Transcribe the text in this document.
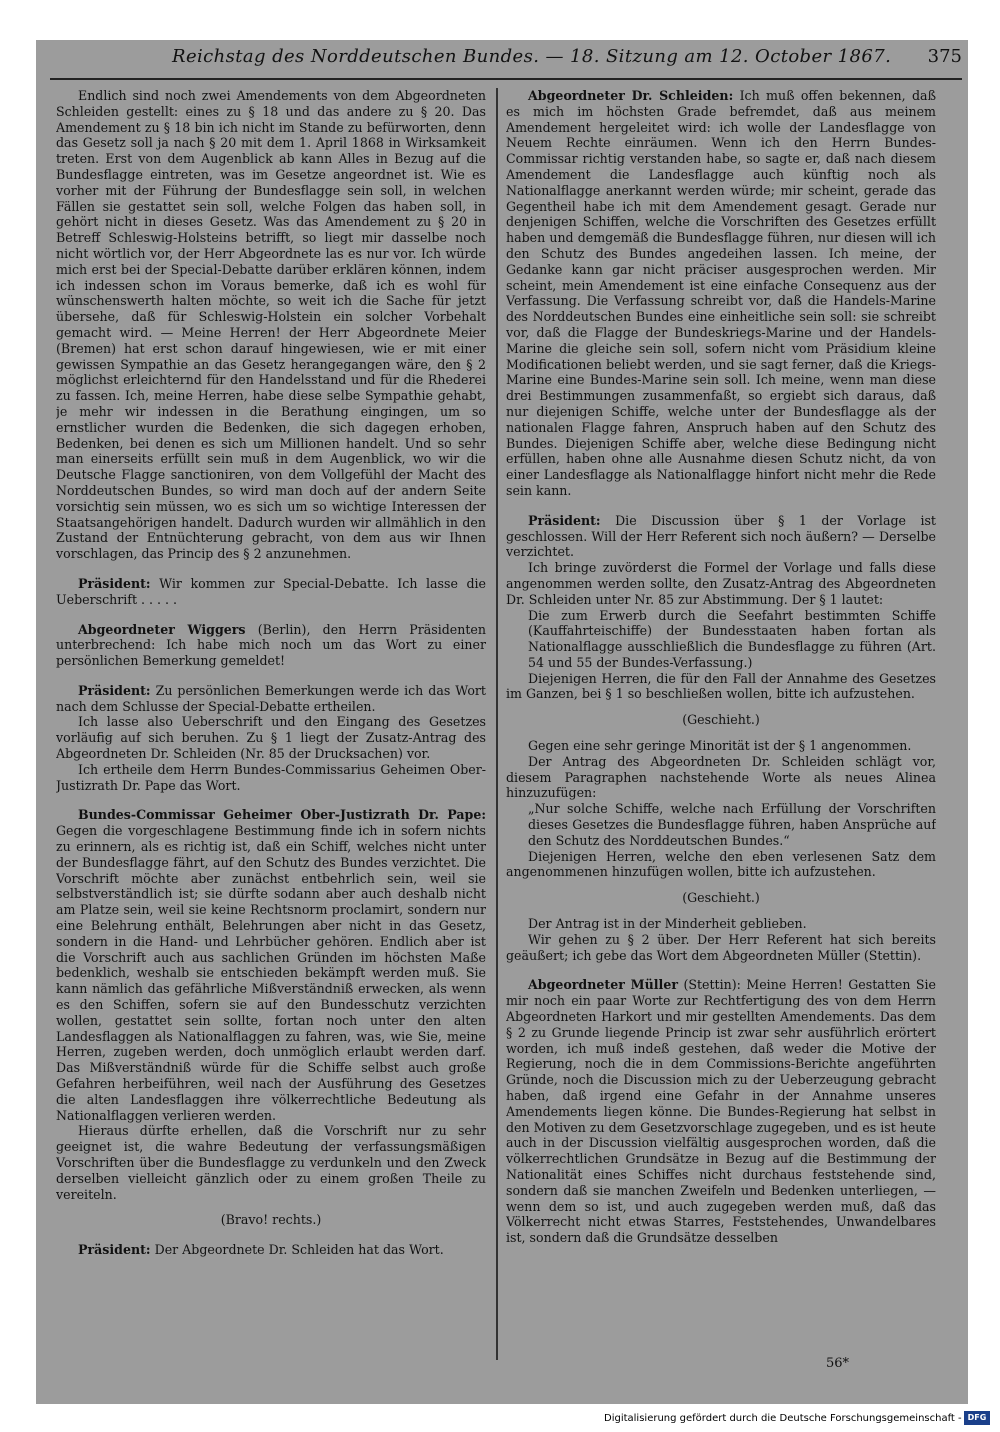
Reichstag des Norddeutschen Bundes. — 18. Sitzung am 12. October 1867. 375

Endlich sind noch zwei Amendements von dem Abgeordneten Schleiden gestellt: eines zu § 18 und das andere zu § 20. Das Amendement zu § 18 bin ich nicht im Stande zu befürworten, denn das Gesetz soll ja nach § 20 mit dem 1. April 1868 in Wirksamkeit treten. Erst von dem Augenblick ab kann Alles in Bezug auf die Bundesflagge eintreten, was im Gesetze angeordnet ist. Wie es vorher mit der Führung der Bundesflagge sein soll, in welchen Fällen sie gestattet sein soll, welche Folgen das haben soll, in gehört nicht in dieses Gesetz. Was das Amendement zu § 20 in Betreff Schleswig-Holsteins betrifft, so liegt mir dasselbe noch nicht wörtlich vor, der Herr Abgeordnete las es nur vor. Ich würde mich erst bei der Special-Debatte darüber erklären können, indem ich indessen schon im Voraus bemerke, daß ich es wohl für wünschenswerth halten möchte, so weit ich die Sache für jetzt übersehe, daß für Schleswig-Holstein ein solcher Vorbehalt gemacht wird. — Meine Herren! der Herr Abgeordnete Meier (Bremen) hat erst schon darauf hingewiesen, wie er mit einer gewissen Sympathie an das Gesetz herangegangen wäre, den § 2 möglichst erleichternd für den Handelsstand und für die Rhederei zu fassen. Ich, meine Herren, habe diese selbe Sympathie gehabt, je mehr wir indessen in die Berathung eingingen, um so ernstlicher wurden die Bedenken, die sich dagegen erhoben, Bedenken, bei denen es sich um Millionen handelt. Und so sehr man einerseits erfüllt sein muß in dem Augenblick, wo wir die Deutsche Flagge sanctioniren, von dem Vollgefühl der Macht des Norddeutschen Bundes, so wird man doch auf der andern Seite vorsichtig sein müssen, wo es sich um so wichtige Interessen der Staatsangehörigen handelt. Dadurch wurden wir allmählich in den Zustand der Entnüchterung gebracht, von dem aus wir Ihnen vorschlagen, das Princip des § 2 anzunehmen.

Präsident: Wir kommen zur Special-Debatte. Ich lasse die Ueberschrift . . . . .

Abgeordneter Wiggers (Berlin), den Herrn Präsidenten unterbrechend: Ich habe mich noch um das Wort zu einer persönlichen Bemerkung gemeldet!

Präsident: Zu persönlichen Bemerkungen werde ich das Wort nach dem Schlusse der Special-Debatte ertheilen.

Ich lasse also Ueberschrift und den Eingang des Gesetzes vorläufig auf sich beruhen. Zu § 1 liegt der Zusatz-Antrag des Abgeordneten Dr. Schleiden (Nr. 85 der Drucksachen) vor.

Ich ertheile dem Herrn Bundes-Commissarius Geheimen Ober-Justizrath Dr. Pape das Wort.

Bundes-Commissar Geheimer Ober-Justizrath Dr. Pape: Gegen die vorgeschlagene Bestimmung finde ich in sofern nichts zu erinnern, als es richtig ist, daß ein Schiff, welches nicht unter der Bundesflagge fährt, auf den Schutz des Bundes verzichtet. Die Vorschrift möchte aber zunächst entbehrlich sein, weil sie selbstverständlich ist; sie dürfte sodann aber auch deshalb nicht am Platze sein, weil sie keine Rechtsnorm proclamirt, sondern nur eine Belehrung enthält, Belehrungen aber nicht in das Gesetz, sondern in die Hand- und Lehrbücher gehören. Endlich aber ist die Vorschrift auch aus sachlichen Gründen im höchsten Maße bedenklich, weshalb sie entschieden bekämpft werden muß. Sie kann nämlich das gefährliche Mißverständniß erwecken, als wenn es den Schiffen, sofern sie auf den Bundesschutz verzichten wollen, gestattet sein sollte, fortan noch unter den alten Landesflaggen als Nationalflaggen zu fahren, was, wie Sie, meine Herren, zugeben werden, doch unmöglich erlaubt werden darf. Das Mißverständniß würde für die Schiffe selbst auch große Gefahren herbeiführen, weil nach der Ausführung des Gesetzes die alten Landesflaggen ihre völkerrechtliche Bedeutung als Nationalflaggen verlieren werden.

Hieraus dürfte erhellen, daß die Vorschrift nur zu sehr geeignet ist, die wahre Bedeutung der verfassungsmäßigen Vorschriften über die Bundesflagge zu verdunkeln und den Zweck derselben vielleicht gänzlich oder zu einem großen Theile zu vereiteln.

(Bravo! rechts.)

Präsident: Der Abgeordnete Dr. Schleiden hat das Wort.

Abgeordneter Dr. Schleiden: Ich muß offen bekennen, daß es mich im höchsten Grade befremdet, daß aus meinem Amendement hergeleitet wird: ich wolle der Landesflagge von Neuem Rechte einräumen. Wenn ich den Herrn Bundes-Commissar richtig verstanden habe, so sagte er, daß nach diesem Amendement die Landesflagge auch künftig noch als Nationalflagge anerkannt werden würde; mir scheint, gerade das Gegentheil habe ich mit dem Amendement gesagt. Gerade nur denjenigen Schiffen, welche die Vorschriften des Gesetzes erfüllt haben und demgemäß die Bundesflagge führen, nur diesen will ich den Schutz des Bundes angedeihen lassen. Ich meine, der Gedanke kann gar nicht präciser ausgesprochen werden. Mir scheint, mein Amendement ist eine einfache Consequenz aus der Verfassung. Die Verfassung schreibt vor, daß die Handels-Marine des Norddeutschen Bundes eine einheitliche sein soll: sie schreibt vor, daß die Flagge der Bundeskriegs-Marine und der Handels-Marine die gleiche sein soll, sofern nicht vom Präsidium kleine Modificationen beliebt werden, und sie sagt ferner, daß die Kriegs-Marine eine Bundes-Marine sein soll. Ich meine, wenn man diese drei Bestimmungen zusammenfaßt, so ergiebt sich daraus, daß nur diejenigen Schiffe, welche unter der Bundesflagge als der nationalen Flagge fahren, Anspruch haben auf den Schutz des Bundes. Diejenigen Schiffe aber, welche diese Bedingung nicht erfüllen, haben ohne alle Ausnahme diesen Schutz nicht, da von einer Landesflagge als Nationalflagge hinfort nicht mehr die Rede sein kann.

Präsident: Die Discussion über § 1 der Vorlage ist geschlossen. Will der Herr Referent sich noch äußern? — Derselbe verzichtet.

Ich bringe zuvörderst die Formel der Vorlage und falls diese angenommen werden sollte, den Zusatz-Antrag des Abgeordneten Dr. Schleiden unter Nr. 85 zur Abstimmung. Der § 1 lautet:

Die zum Erwerb durch die Seefahrt bestimmten Schiffe (Kauffahrteischiffe) der Bundesstaaten haben fortan als Nationalflagge ausschließlich die Bundesflagge zu führen (Art. 54 und 55 der Bundes-Verfassung.)

Diejenigen Herren, die für den Fall der Annahme des Gesetzes im Ganzen, bei § 1 so beschließen wollen, bitte ich aufzustehen.

(Geschieht.)

Gegen eine sehr geringe Minorität ist der § 1 angenommen.

Der Antrag des Abgeordneten Dr. Schleiden schlägt vor, diesem Paragraphen nachstehende Worte als neues Alinea hinzuzufügen:

„Nur solche Schiffe, welche nach Erfüllung der Vorschriften dieses Gesetzes die Bundesflagge führen, haben Ansprüche auf den Schutz des Norddeutschen Bundes.“

Diejenigen Herren, welche den eben verlesenen Satz dem angenommenen hinzufügen wollen, bitte ich aufzustehen.

(Geschieht.)

Der Antrag ist in der Minderheit geblieben.

Wir gehen zu § 2 über. Der Herr Referent hat sich bereits geäußert; ich gebe das Wort dem Abgeordneten Müller (Stettin).

Abgeordneter Müller (Stettin): Meine Herren! Gestatten Sie mir noch ein paar Worte zur Rechtfertigung des von dem Herrn Abgeordneten Harkort und mir gestellten Amendements. Das dem § 2 zu Grunde liegende Princip ist zwar sehr ausführlich erörtert worden, ich muß indeß gestehen, daß weder die Motive der Regierung, noch die in dem Commissions-Berichte angeführten Gründe, noch die Discussion mich zu der Ueberzeugung gebracht haben, daß irgend eine Gefahr in der Annahme unseres Amendements liegen könne. Die Bundes-Regierung hat selbst in den Motiven zu dem Gesetzvorschlage zugegeben, und es ist heute auch in der Discussion vielfältig ausgesprochen worden, daß die völkerrechtlichen Grundsätze in Bezug auf die Bestimmung der Nationalität eines Schiffes nicht durchaus feststehende sind, sondern daß sie manchen Zweifeln und Bedenken unterliegen, — wenn dem so ist, und auch zugegeben werden muß, daß das Völkerrecht nicht etwas Starres, Feststehendes, Unwandelbares ist, sondern daß die Grundsätze desselben

56*
Digitalisierung gefördert durch die Deutsche Forschungsgemeinschaft - DFG
